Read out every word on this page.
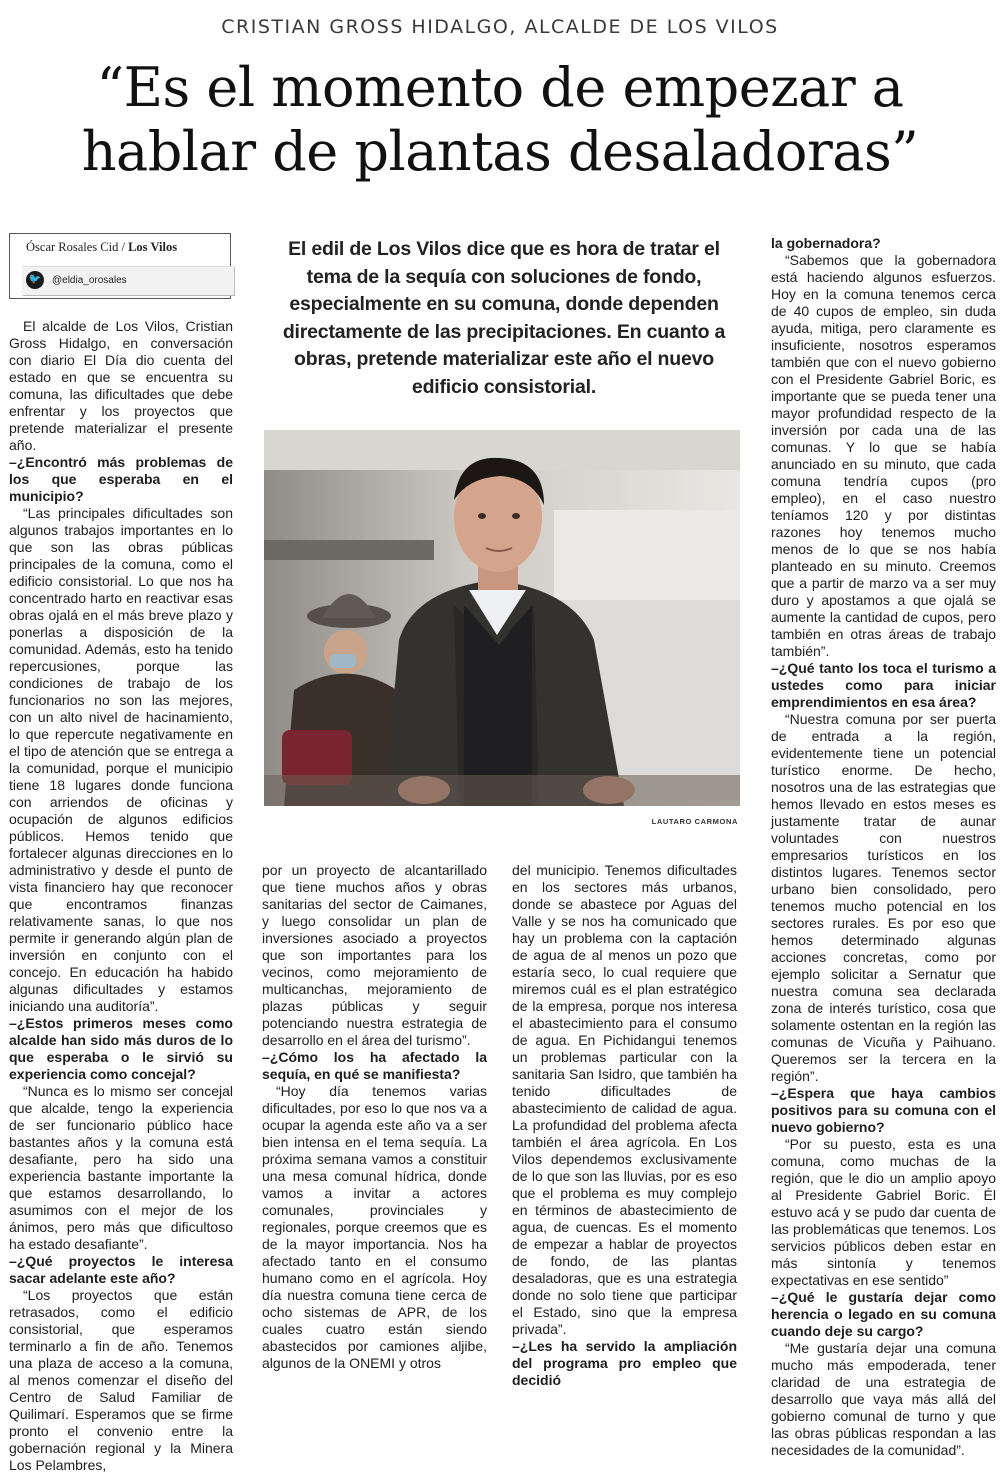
CRISTIAN GROSS HIDALGO, ALCALDE DE LOS VILOS
“Es el momento de empezar a
hablar de plantas desaladoras”
Óscar Rosales Cid / Los Vilos
🐦 @eldia_orosales
El edil de Los Vilos dice que es hora de tratar el tema de la sequía con soluciones de fondo, especialmente en su comuna, donde dependen directamente de las precipitaciones. En cuanto a obras, pretende materializar este año el nuevo edificio consistorial.
LAUTARO CARMONA

El alcalde de Los Vilos, Cristian Gross Hidalgo, en conversación con diario El Día dio cuenta del estado en que se encuentra su comuna, las dificultades que debe enfrentar y los proyectos que pretende materializar el presente año.

–¿Encontró más problemas de los que esperaba en el municipio?

“Las principales dificultades son algunos trabajos importantes en lo que son las obras públicas principales de la comuna, como el edificio consistorial. Lo que nos ha concentrado harto en reactivar esas obras ojalá en el más breve plazo y ponerlas a disposición de la comunidad. Además, esto ha tenido repercusiones, porque las condiciones de trabajo de los funcionarios no son las mejores, con un alto nivel de hacinamiento, lo que repercute negativamente en el tipo de atención que se entrega a la comunidad, porque el municipio tiene 18 lugares donde funciona con arriendos de oficinas y ocupación de algunos edificios públicos. Hemos tenido que fortalecer algunas direcciones en lo administrativo y desde el punto de vista financiero hay que reconocer que encontramos finanzas relativamente sanas, lo que nos permite ir generando algún plan de inversión en conjunto con el concejo. En educación ha habido algunas dificultades y estamos iniciando una auditoría”.

–¿Estos primeros meses como alcalde han sido más duros de lo que esperaba o le sirvió su experiencia como concejal?

“Nunca es lo mismo ser concejal que alcalde, tengo la experiencia de ser funcionario público hace bastantes años y la comuna está desafiante, pero ha sido una experiencia bastante importante la que estamos desarrollando, lo asumimos con el mejor de los ánimos, pero más que dificultoso ha estado desafiante”.

–¿Qué proyectos le interesa sacar adelante este año?

“Los proyectos que están retrasados, como el edificio consistorial, que esperamos terminarlo a fin de año. Tenemos una plaza de acceso a la comuna, al menos comenzar el diseño del Centro de Salud Familiar de Quilimarí. Esperamos que se firme pronto el convenio entre la gobernación regional y la Minera Los Pelambres,

por un proyecto de alcantarillado que tiene muchos años y obras sanitarias del sector de Caimanes, y luego consolidar un plan de inversiones asociado a proyectos que son importantes para los vecinos, como mejoramiento de multicanchas, mejoramiento de plazas públicas y seguir potenciando nuestra estrategia de desarrollo en el área del turismo”.

–¿Cómo los ha afectado la sequía, en qué se manifiesta?

“Hoy día tenemos varias dificultades, por eso lo que nos va a ocupar la agenda este año va a ser bien intensa en el tema sequía. La próxima semana vamos a constituir una mesa comunal hídrica, donde vamos a invitar a actores comunales, provinciales y regionales, porque creemos que es de la mayor importancia. Nos ha afectado tanto en el consumo humano como en el agrícola. Hoy día nuestra comuna tiene cerca de ocho sistemas de APR, de los cuales cuatro están siendo abastecidos por camiones aljibe, algunos de la ONEMI y otros

del municipio. Tenemos dificultades en los sectores más urbanos, donde se abastece por Aguas del Valle y se nos ha comunicado que hay un problema con la captación de agua de al menos un pozo que estaría seco, lo cual requiere que miremos cuál es el plan estratégico de la empresa, porque nos interesa el abastecimiento para el consumo de agua. En Pichidangui tenemos un problemas particular con la sanitaria San Isidro, que también ha tenido dificultades de abastecimiento de calidad de agua. La profundidad del problema afecta también el área agrícola. En Los Vilos dependemos exclusivamente de lo que son las lluvias, por es eso que el problema es muy complejo en términos de abastecimiento de agua, de cuencas. Es el momento de empezar a hablar de proyectos de fondo, de las plantas desaladoras, que es una estrategia donde no solo tiene que participar el Estado, sino que la empresa privada”.

–¿Les ha servido la ampliación del programa pro empleo que decidió

la gobernadora?

“Sabemos que la gobernadora está haciendo algunos esfuerzos. Hoy en la comuna tenemos cerca de 40 cupos de empleo, sin duda ayuda, mitiga, pero claramente es insuficiente, nosotros esperamos también que con el nuevo gobierno con el Presidente Gabriel Boric, es importante que se pueda tener una mayor profundidad respecto de la inversión por cada una de las comunas. Y lo que se había anunciado en su minuto, que cada comuna tendría cupos (pro empleo), en el caso nuestro teníamos 120 y por distintas razones hoy tenemos mucho menos de lo que se nos había planteado en su minuto. Creemos que a partir de marzo va a ser muy duro y apostamos a que ojalá se aumente la cantidad de cupos, pero también en otras áreas de trabajo también”.

–¿Qué tanto los toca el turismo a ustedes como para iniciar emprendimientos en esa área?

“Nuestra comuna por ser puerta de entrada a la región, evidentemente tiene un potencial turístico enorme. De hecho, nosotros una de las estrategias que hemos llevado en estos meses es justamente tratar de aunar voluntades con nuestros empresarios turísticos en los distintos lugares. Tenemos sector urbano bien consolidado, pero tenemos mucho potencial en los sectores rurales. Es por eso que hemos determinado algunas acciones concretas, como por ejemplo solicitar a Sernatur que nuestra comuna sea declarada zona de interés turístico, cosa que solamente ostentan en la región las comunas de Vicuña y Paihuano. Queremos ser la tercera en la región”.

–¿Espera que haya cambios positivos para su comuna con el nuevo gobierno?

“Por su puesto, esta es una comuna, como muchas de la región, que le dio un amplio apoyo al Presidente Gabriel Boric. Él estuvo acá y se pudo dar cuenta de las problemáticas que tenemos. Los servicios públicos deben estar en más sintonía y tenemos expectativas en ese sentido”

–¿Qué le gustaría dejar como herencia o legado en su comuna cuando deje su cargo?

“Me gustaría dejar una comuna mucho más empoderada, tener claridad de una estrategia de desarrollo que vaya más allá del gobierno comunal de turno y que las obras públicas respondan a las necesidades de la comunidad”.
